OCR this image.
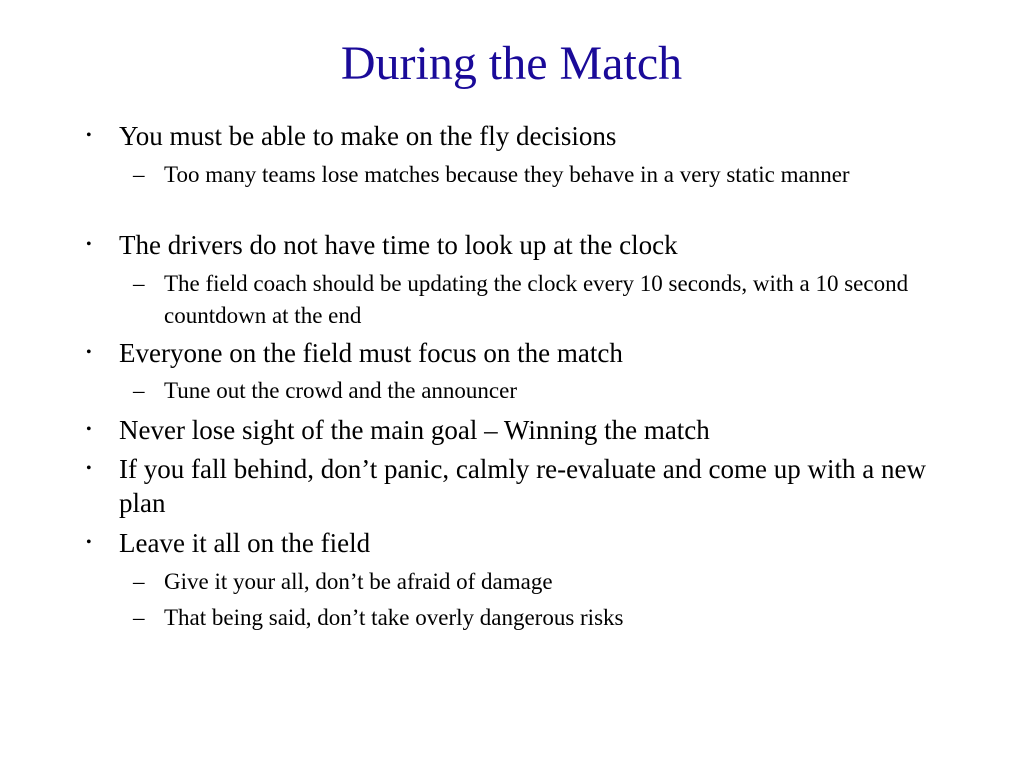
During the Match
•	You must be able to make on the fly decisions
– Too many teams lose matches because they behave in a very static manner
•	The drivers do not have time to look up at the clock
– The field coach should be updating the clock every 10 seconds, with a 10 second countdown at the end
•	Everyone on the field must focus on the match
– Tune out the crowd and the announcer
•	Never lose sight of the main goal – Winning the match
•	If you fall behind, don’t panic, calmly re-evaluate and come up with a new plan
•	Leave it all on the field
– Give it your all, don’t be afraid of damage
– That being said, don’t take overly dangerous risks
